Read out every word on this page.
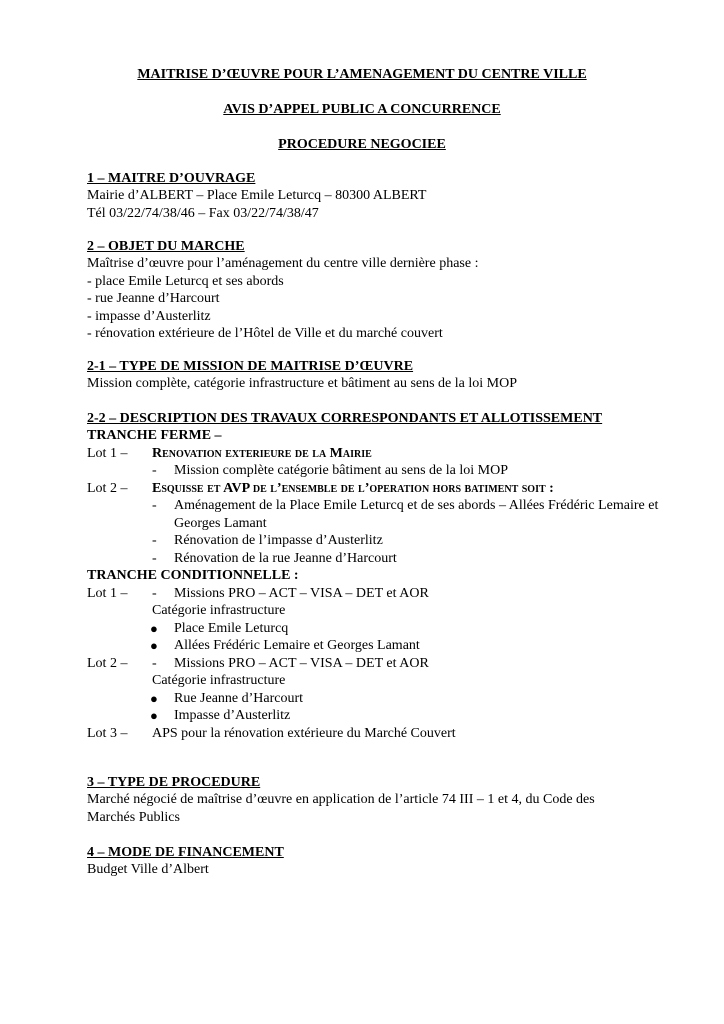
MAITRISE D’ŒUVRE POUR L’AMENAGEMENT DU CENTRE VILLE
AVIS D’APPEL PUBLIC A CONCURRENCE
PROCEDURE NEGOCIEE

1 – MAITRE D’OUVRAGE

Mairie d’ALBERT – Place Emile Leturcq – 80300 ALBERT

Tél 03/22/74/38/46 – Fax 03/22/74/38/47

2 – OBJET DU MARCHE

Maîtrise d’œuvre pour l’aménagement du centre ville dernière phase :

- place Emile Leturcq et ses abords

- rue Jeanne d’Harcourt

- impasse d’Austerlitz

- rénovation extérieure de l’Hôtel de Ville et du marché couvert

2-1 – TYPE DE MISSION DE MAITRISE D’ŒUVRE

Mission complète, catégorie infrastructure et bâtiment au sens de la loi MOP

2-2 – DESCRIPTION DES TRAVAUX CORRESPONDANTS ET ALLOTISSEMENT

TRANCHE FERME –

Lot 1 – Renovation exterieure de la Mairie
- Mission complète catégorie bâtiment au sens de la loi MOP
Lot 2 – Esquisse et AVP de l’ensemble de l’operation hors batiment soit :
- Aménagement de la Place Emile Leturcq et de ses abords – Allées Frédéric Lemaire et Georges Lamant
- Rénovation de l’impasse d’Austerlitz
- Rénovation de la rue Jeanne d’Harcourt

TRANCHE CONDITIONNELLE :

Lot 1 – - Missions PRO – ACT – VISA – DET et AOR
Catégorie infrastructure
● Place Emile Leturcq
● Allées Frédéric Lemaire et Georges Lamant
Lot 2 – - Missions PRO – ACT – VISA – DET et AOR
Catégorie infrastructure
● Rue Jeanne d’Harcourt
● Impasse d’Austerlitz
Lot 3 – APS pour la rénovation extérieure du Marché Couvert

3 – TYPE DE PROCEDURE

Marché négocié de maîtrise d’œuvre en application de l’article 74 III – 1 et 4, du Code des

Marchés Publics

4 – MODE DE FINANCEMENT

Budget Ville d’Albert
